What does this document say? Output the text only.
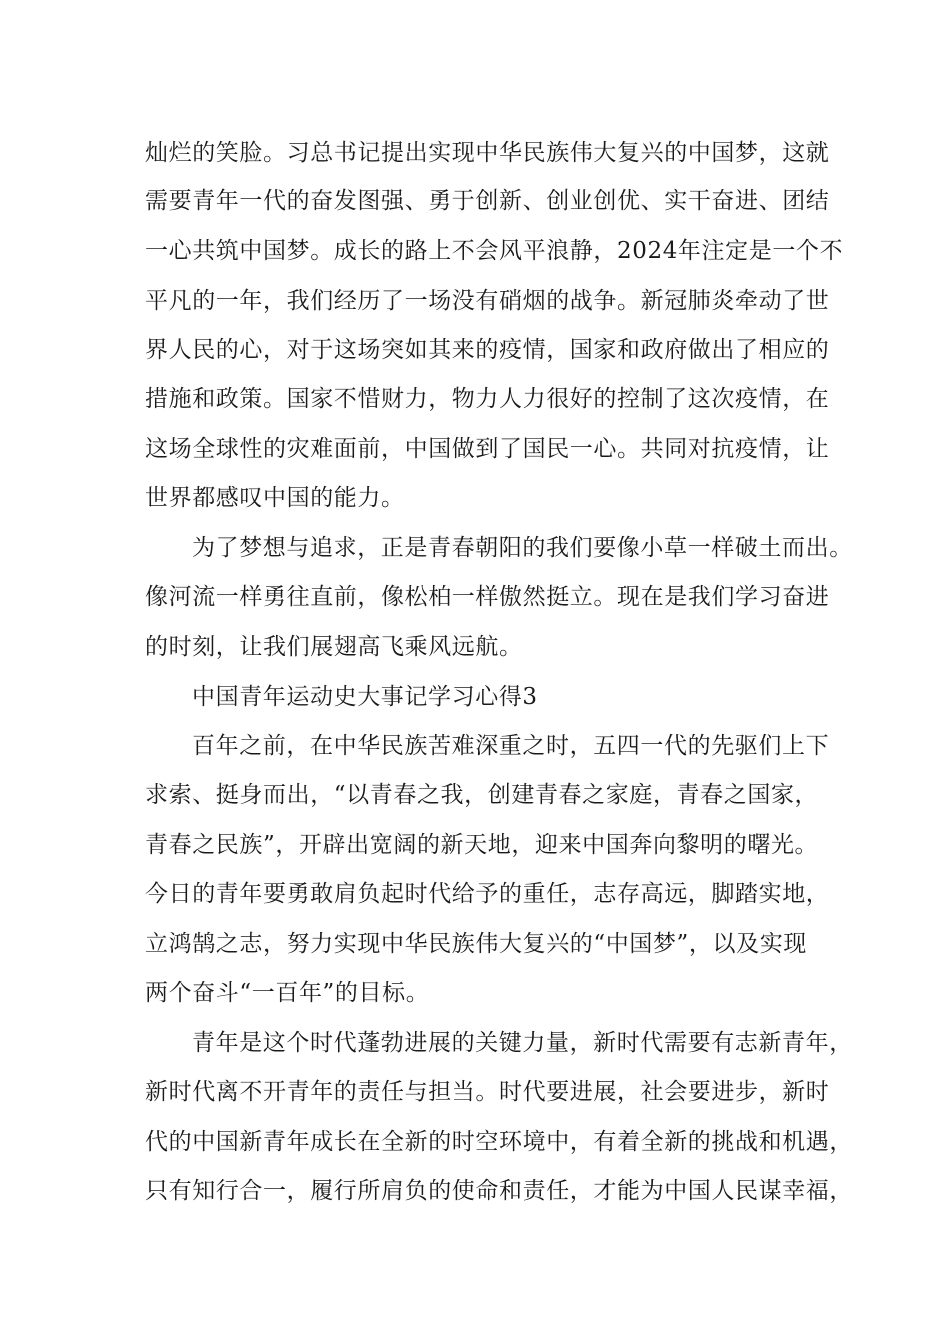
灿烂的笑脸。习总书记提出实现中华民族伟大复兴的中国梦，这就
需要青年一代的奋发图强、勇于创新、创业创优、实干奋进、团结
一心共筑中国梦。成长的路上不会风平浪静，2024年注定是一个不
平凡的一年，我们经历了一场没有硝烟的战争。新冠肺炎牵动了世
界人民的心，对于这场突如其来的疫情，国家和政府做出了相应的
措施和政策。国家不惜财力，物力人力很好的控制了这次疫情，在
这场全球性的灾难面前，中国做到了国民一心。共同对抗疫情，让
世界都感叹中国的能力。
为了梦想与追求，正是青春朝阳的我们要像小草一样破土而出。
像河流一样勇往直前，像松柏一样傲然挺立。现在是我们学习奋进
的时刻，让我们展翅高飞乘风远航。
中国青年运动史大事记学习心得3
百年之前，在中华民族苦难深重之时，五四一代的先驱们上下
求索、挺身而出，“以青春之我，创建青春之家庭，青春之国家，
青春之民族”，开辟出宽阔的新天地，迎来中国奔向黎明的曙光。
今日的青年要勇敢肩负起时代给予的重任，志存高远，脚踏实地，
立鸿鹄之志，努力实现中华民族伟大复兴的“中国梦”，以及实现
两个奋斗“一百年”的目标。
青年是这个时代蓬勃进展的关键力量，新时代需要有志新青年，
新时代离不开青年的责任与担当。时代要进展，社会要进步，新时
代的中国新青年成长在全新的时空环境中，有着全新的挑战和机遇，
只有知行合一，履行所肩负的使命和责任，才能为中国人民谋幸福，
